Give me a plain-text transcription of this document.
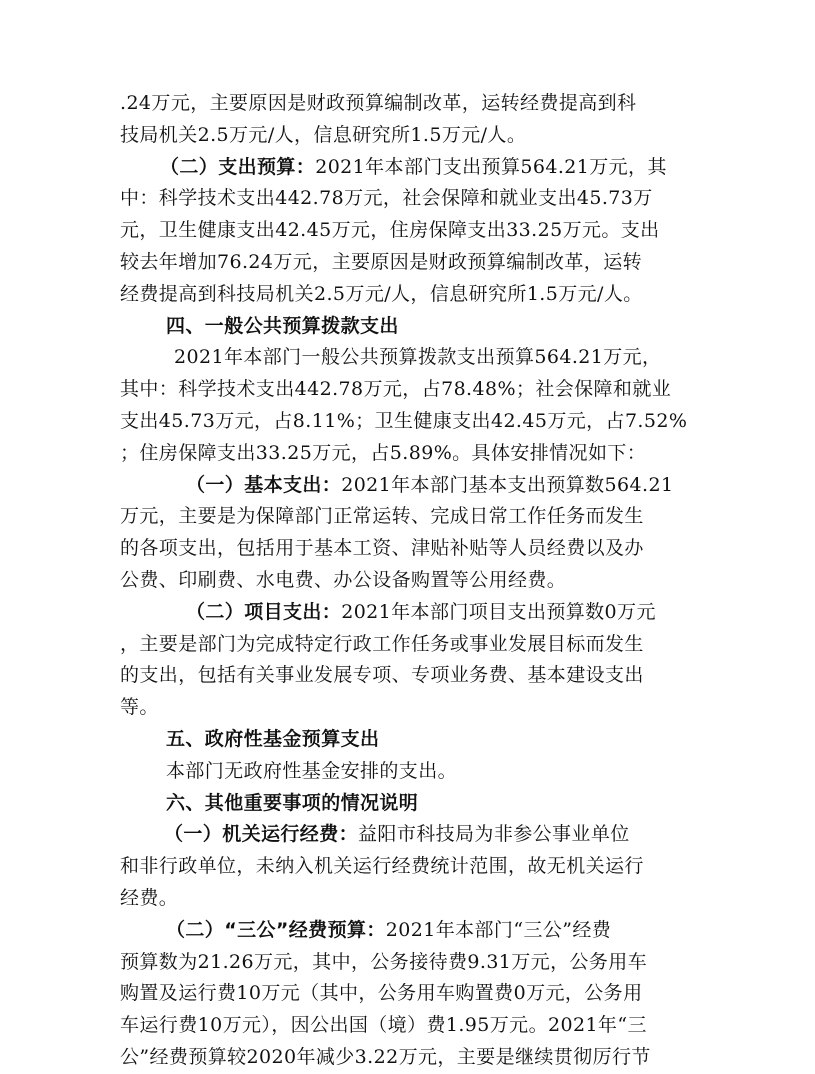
.24万元，主要原因是财政预算编制改革，运转经费提高到科
技局机关2.5万元/人，信息研究所1.5万元/人。
（二）支出预算：2021年本部门支出预算564.21万元，其
中：科学技术支出442.78万元，社会保障和就业支出45.73万
元，卫生健康支出42.45万元，住房保障支出33.25万元。支出
较去年增加76.24万元，主要原因是财政预算编制改革，运转
经费提高到科技局机关2.5万元/人，信息研究所1.5万元/人。
四、一般公共预算拨款支出
2021年本部门一般公共预算拨款支出预算564.21万元，
其中：科学技术支出442.78万元，占78.48%；社会保障和就业
支出45.73万元，占8.11%；卫生健康支出42.45万元，占7.52%
；住房保障支出33.25万元，占5.89%。具体安排情况如下：
（一）基本支出：2021年本部门基本支出预算数564.21
万元，主要是为保障部门正常运转、完成日常工作任务而发生
的各项支出，包括用于基本工资、津贴补贴等人员经费以及办
公费、印刷费、水电费、办公设备购置等公用经费。
（二）项目支出：2021年本部门项目支出预算数0万元
，主要是部门为完成特定行政工作任务或事业发展目标而发生
的支出，包括有关事业发展专项、专项业务费、基本建设支出
等。
五、政府性基金预算支出
本部门无政府性基金安排的支出。
六、其他重要事项的情况说明
（一）机关运行经费：益阳市科技局为非参公事业单位
和非行政单位，未纳入机关运行经费统计范围，故无机关运行
经费。
（二）“三公”经费预算：2021年本部门“三公”经费
预算数为21.26万元，其中，公务接待费9.31万元，公务用车
购置及运行费10万元（其中，公务用车购置费0万元，公务用
车运行费10万元），因公出国（境）费1.95万元。2021年“三
公”经费预算较2020年减少3.22万元，主要是继续贯彻厉行节
